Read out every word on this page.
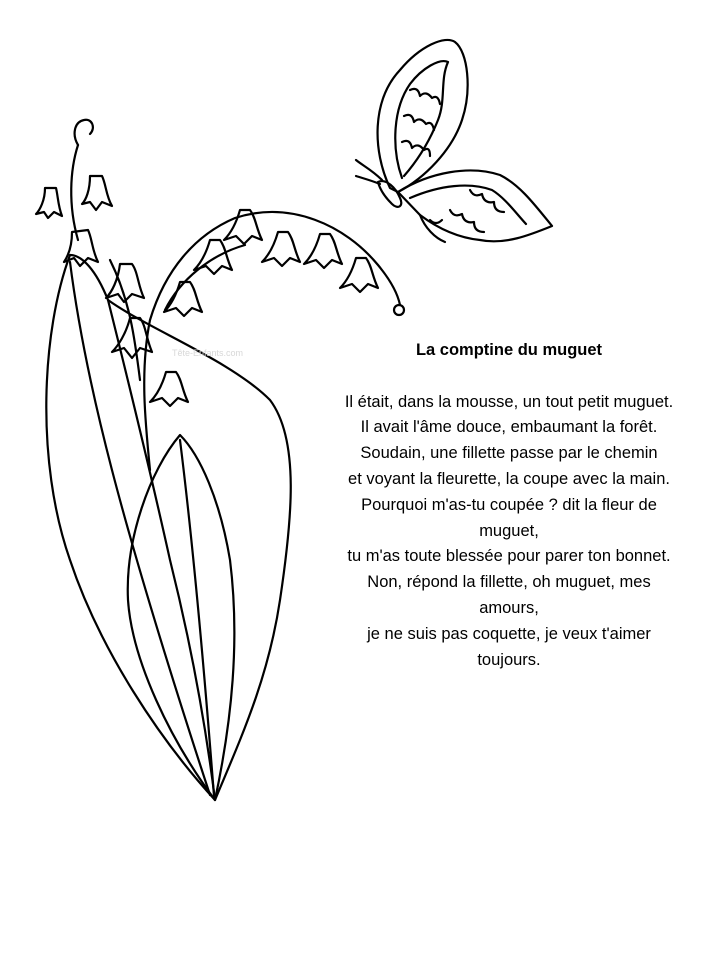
Tête-Enfants.com	La comptine du muguet
Il était, dans la mousse, un tout petit muguet.
Il avait l'âme douce, embaumant la forêt.
Soudain, une fillette passe par le chemin
et voyant la fleurette, la coupe avec la main.
Pourquoi m'as-tu coupée ? dit la fleur de muguet,
tu m'as toute blessée pour parer ton bonnet.
Non, répond la fillette, oh muguet, mes amours,
je ne suis pas coquette, je veux t'aimer toujours.
